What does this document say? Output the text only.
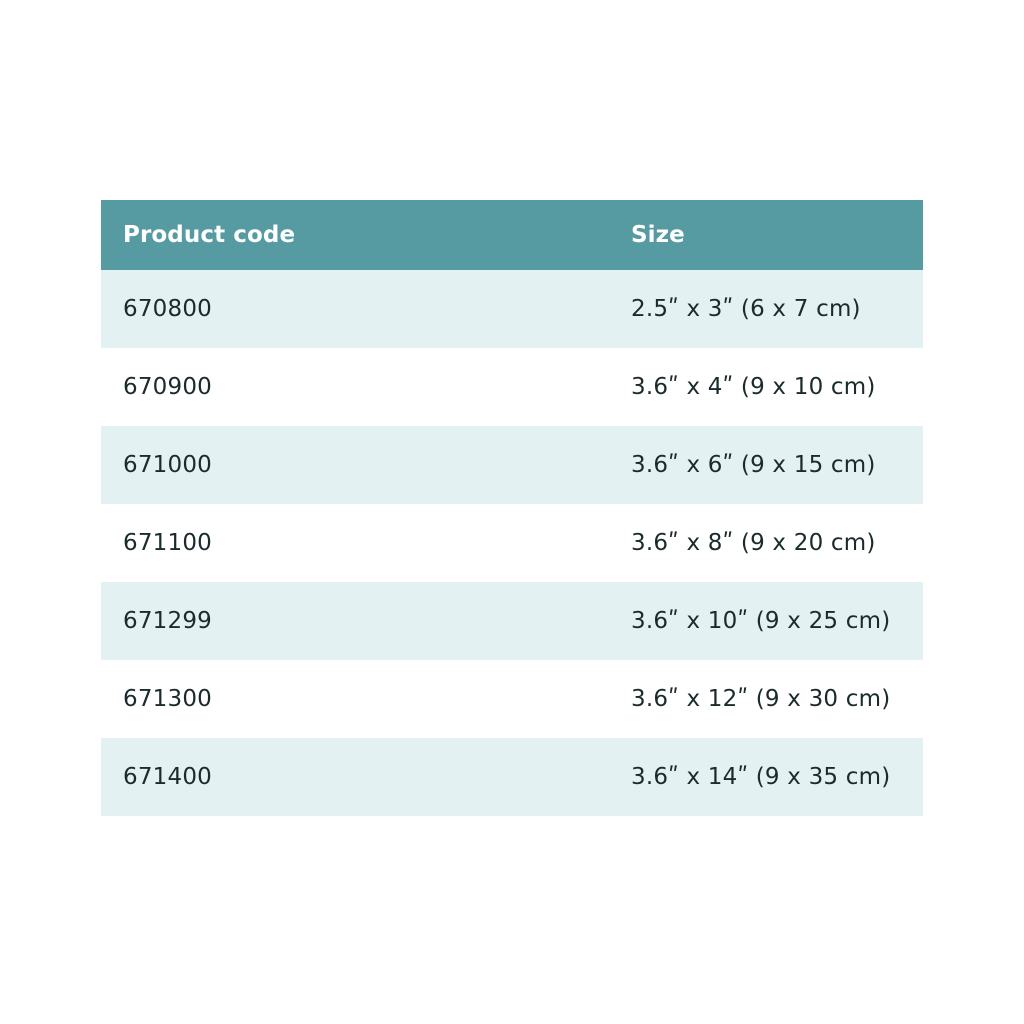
Product code	Size
670800	2.5ʺ x 3ʺ (6 x 7 cm)
670900	3.6ʺ x 4ʺ (9 x 10 cm)
671000	3.6ʺ x 6ʺ (9 x 15 cm)
671100	3.6ʺ x 8ʺ (9 x 20 cm)
671299	3.6ʺ x 10ʺ (9 x 25 cm)
671300	3.6ʺ x 12ʺ (9 x 30 cm)
671400	3.6ʺ x 14ʺ (9 x 35 cm)
